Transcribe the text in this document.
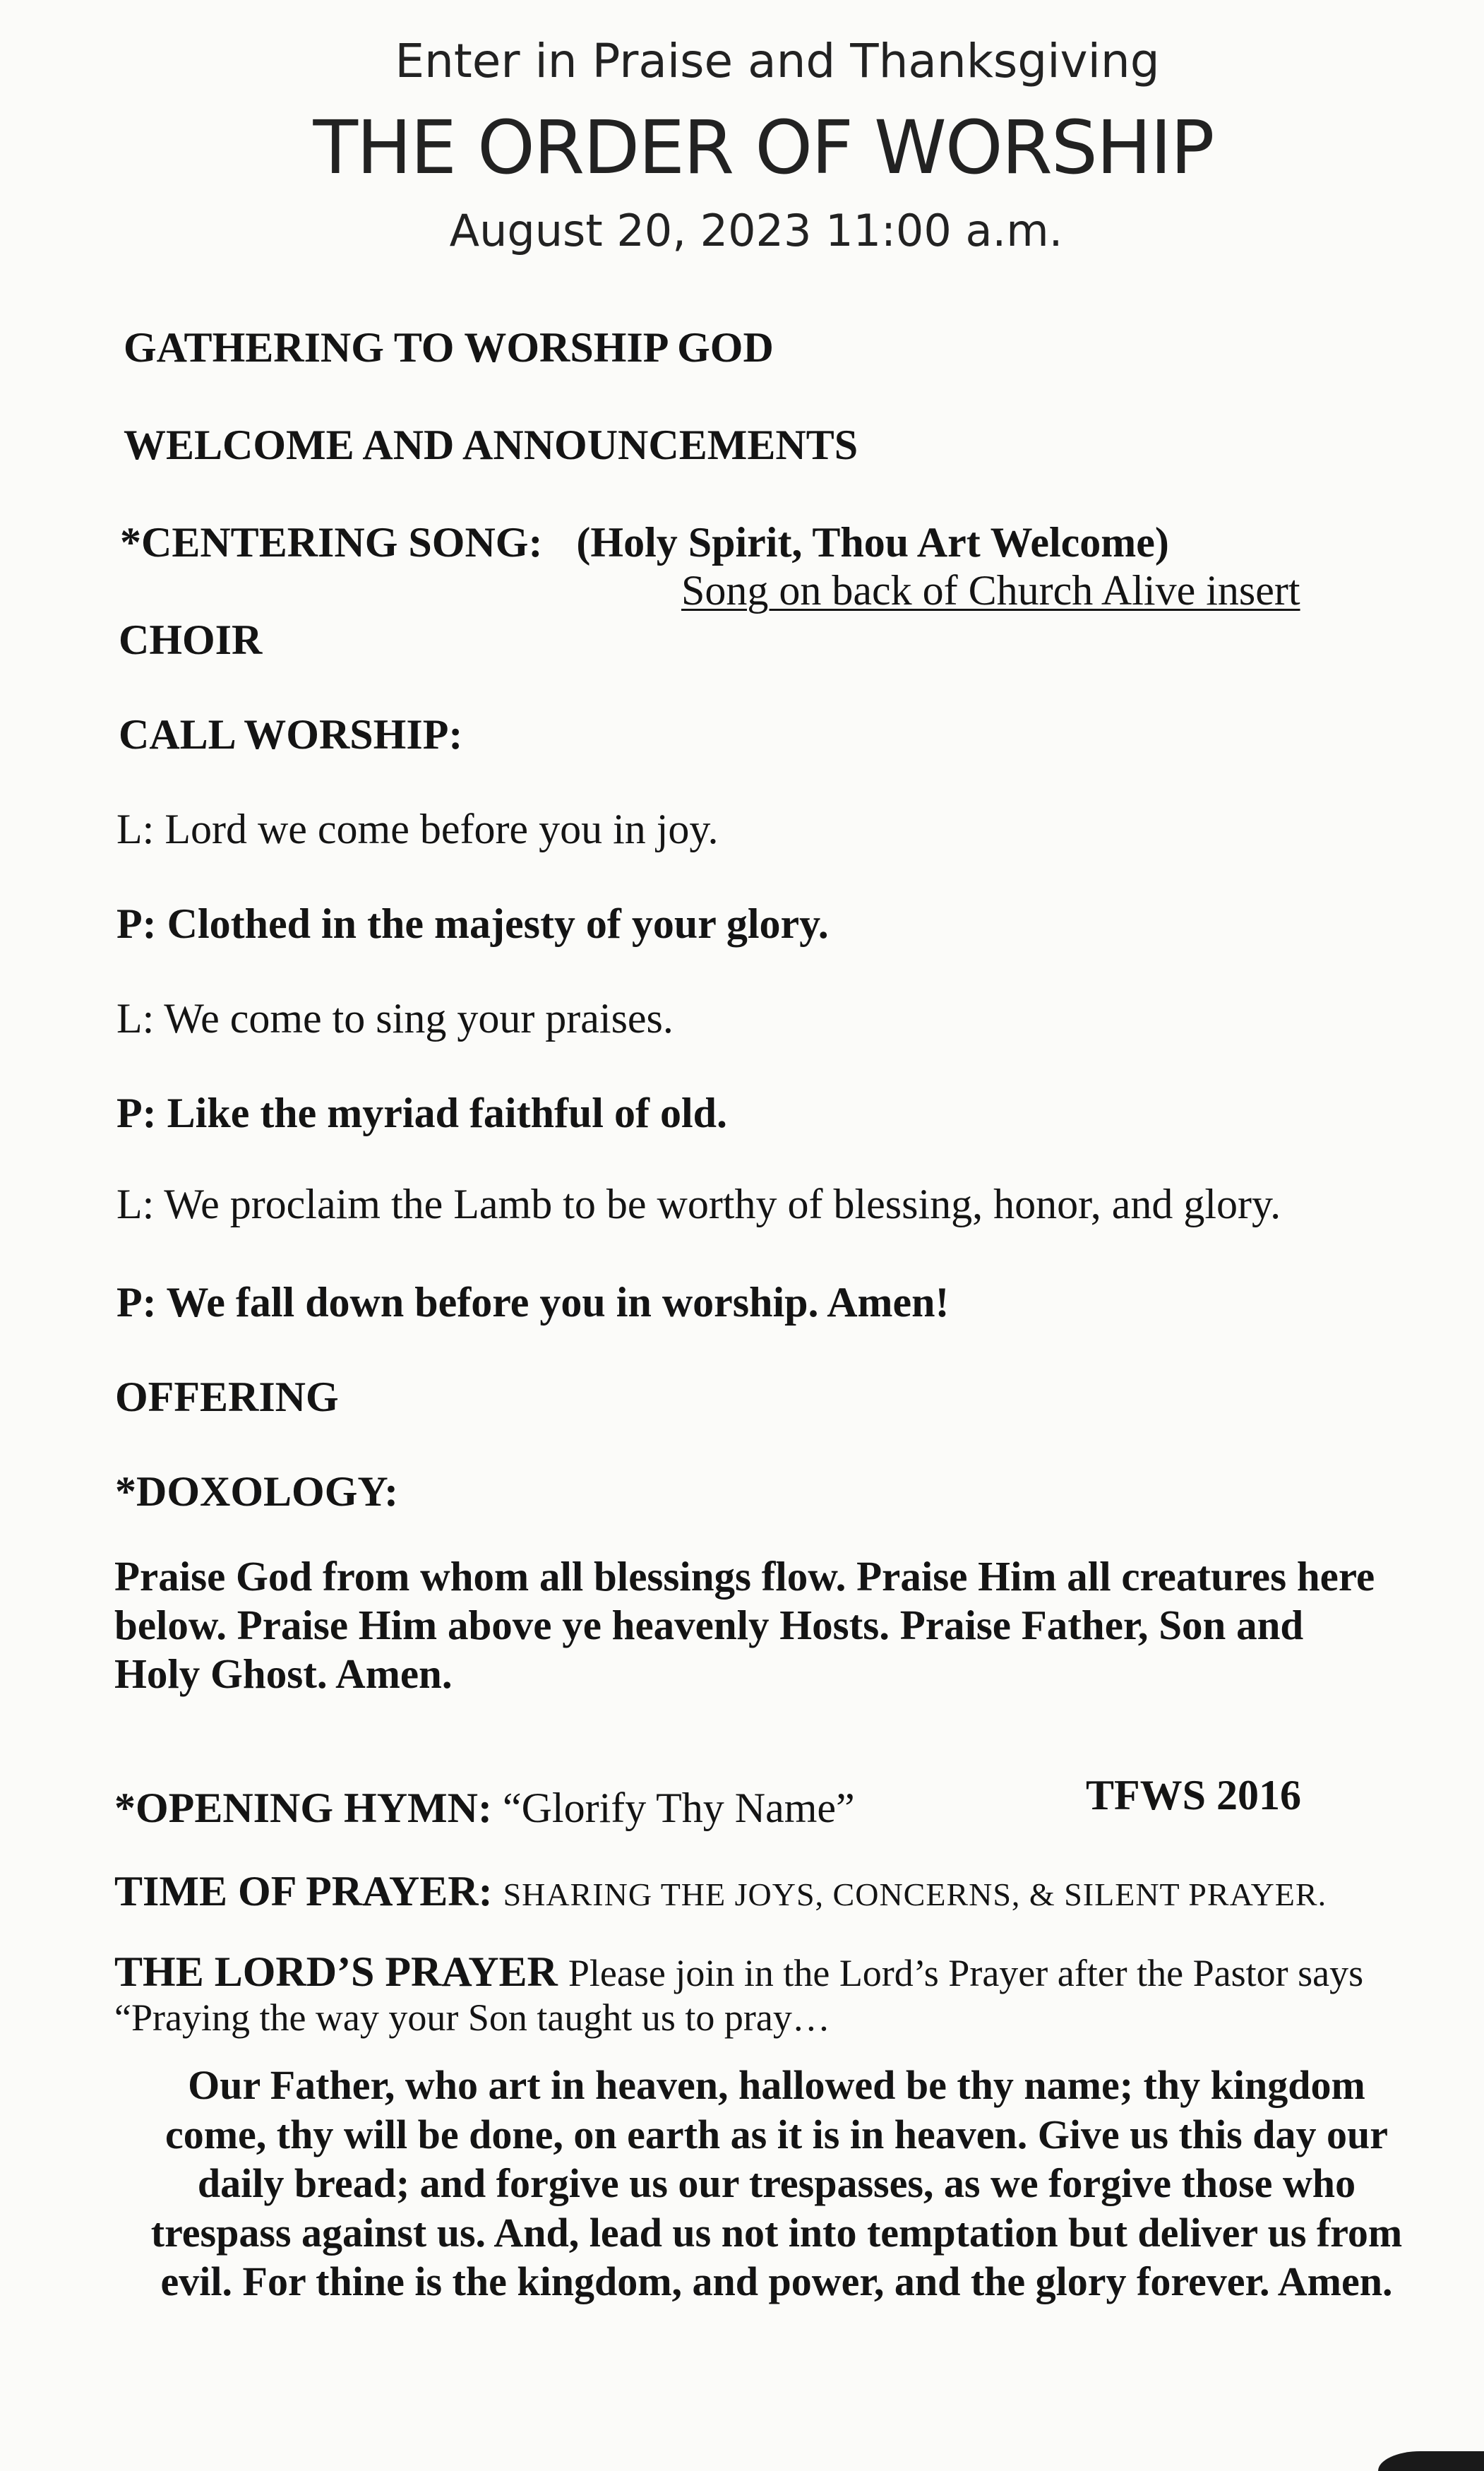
Enter in Praise and Thanksgiving
THE ORDER OF WORSHIP
August 20, 2023 11:00 a.m.
GATHERING TO WORSHIP GOD
WELCOME AND ANNOUNCEMENTS
*CENTERING SONG: (Holy Spirit, Thou Art Welcome)
Song on back of Church Alive insert
CHOIR
CALL WORSHIP:
L: Lord we come before you in joy.
P: Clothed in the majesty of your glory.
L: We come to sing your praises.
P: Like the myriad faithful of old.
L: We proclaim the Lamb to be worthy of blessing, honor, and glory.
P: We fall down before you in worship. Amen!
OFFERING
*DOXOLOGY:
Praise God from whom all blessings flow. Praise Him all creatures here
below. Praise Him above ye heavenly Hosts. Praise Father, Son and
Holy Ghost. Amen.
*OPENING HYMN: “Glorify Thy Name”	TFWS 2016
TIME OF PRAYER: SHARING THE JOYS, CONCERNS, & SILENT PRAYER.
THE LORD’S PRAYER Please join in the Lord’s Prayer after the Pastor says
“Praying the way your Son taught us to pray…
Our Father, who art in heaven, hallowed be thy name; thy kingdom
come, thy will be done, on earth as it is in heaven. Give us this day our
daily bread; and forgive us our trespasses, as we forgive those who
trespass against us. And, lead us not into temptation but deliver us from
evil. For thine is the kingdom, and power, and the glory forever. Amen.
